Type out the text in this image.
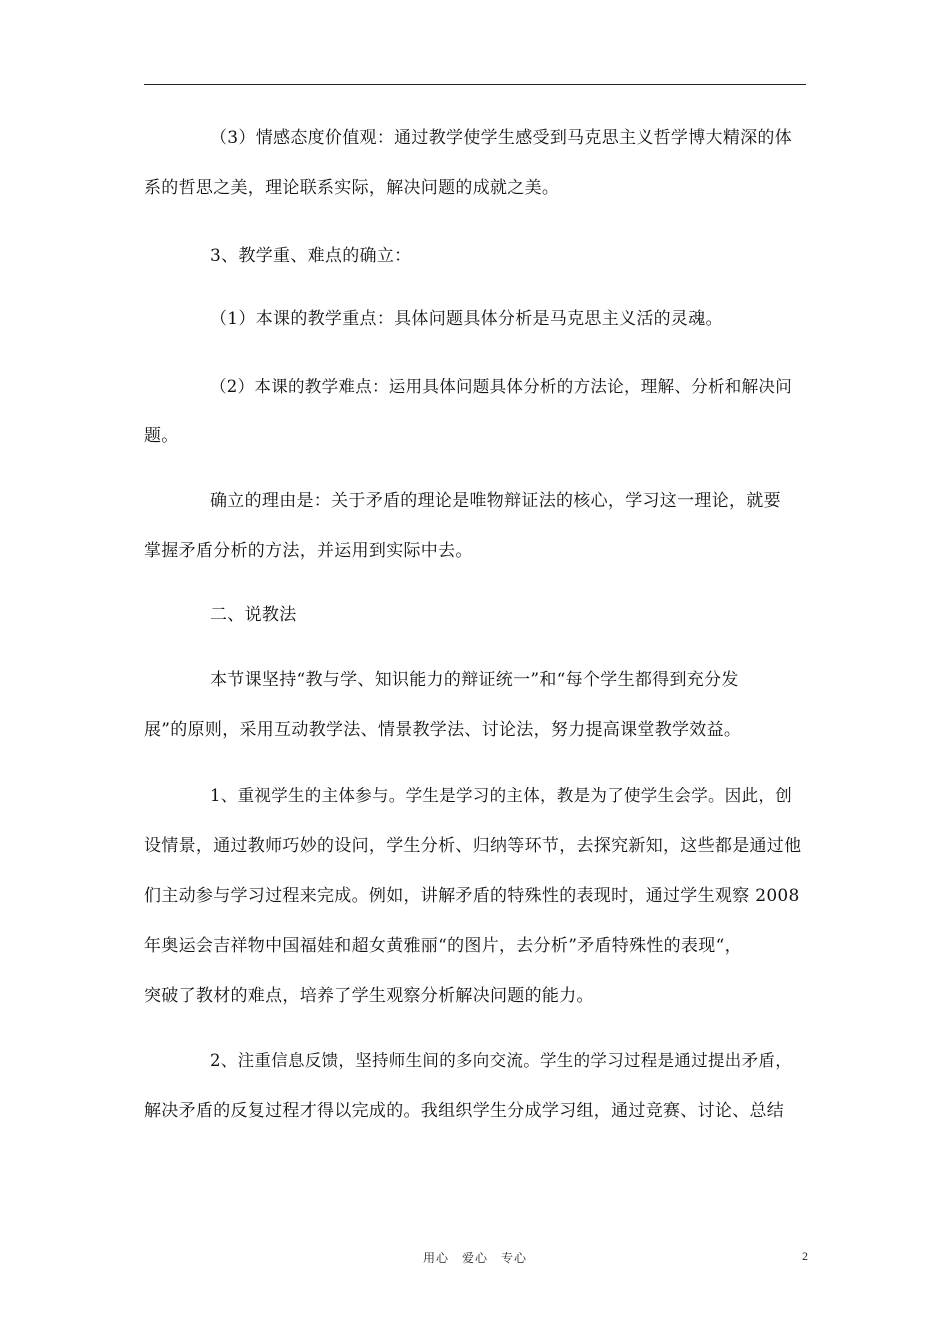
（3）情感态度价值观：通过教学使学生感受到马克思主义哲学博大精深的体
系的哲思之美，理论联系实际，解决问题的成就之美。
3、教学重、难点的确立：
（1）本课的教学重点：具体问题具体分析是马克思主义活的灵魂。
（2）本课的教学难点：运用具体问题具体分析的方法论，理解、分析和解决问
题。
确立的理由是：关于矛盾的理论是唯物辩证法的核心，学习这一理论，就要
掌握矛盾分析的方法，并运用到实际中去。
二、说教法
本节课坚持“教与学、知识能力的辩证统一”和“每个学生都得到充分发
展”的原则，采用互动教学法、情景教学法、讨论法，努力提高课堂教学效益。
1、重视学生的主体参与。学生是学习的主体，教是为了使学生会学。因此，创
设情景，通过教师巧妙的设问，学生分析、归纳等环节，去探究新知，这些都是通过他
们主动参与学习过程来完成。例如，讲解矛盾的特殊性的表现时，通过学生观察 2008
年奥运会吉祥物中国福娃和超女黄雅丽“的图片，去分析”矛盾特殊性的表现“，
突破了教材的难点，培养了学生观察分析解决问题的能力。
2、注重信息反馈，坚持师生间的多向交流。学生的学习过程是通过提出矛盾，
解决矛盾的反复过程才得以完成的。我组织学生分成学习组，通过竞赛、讨论、总结
用心　爱心　专心	2
